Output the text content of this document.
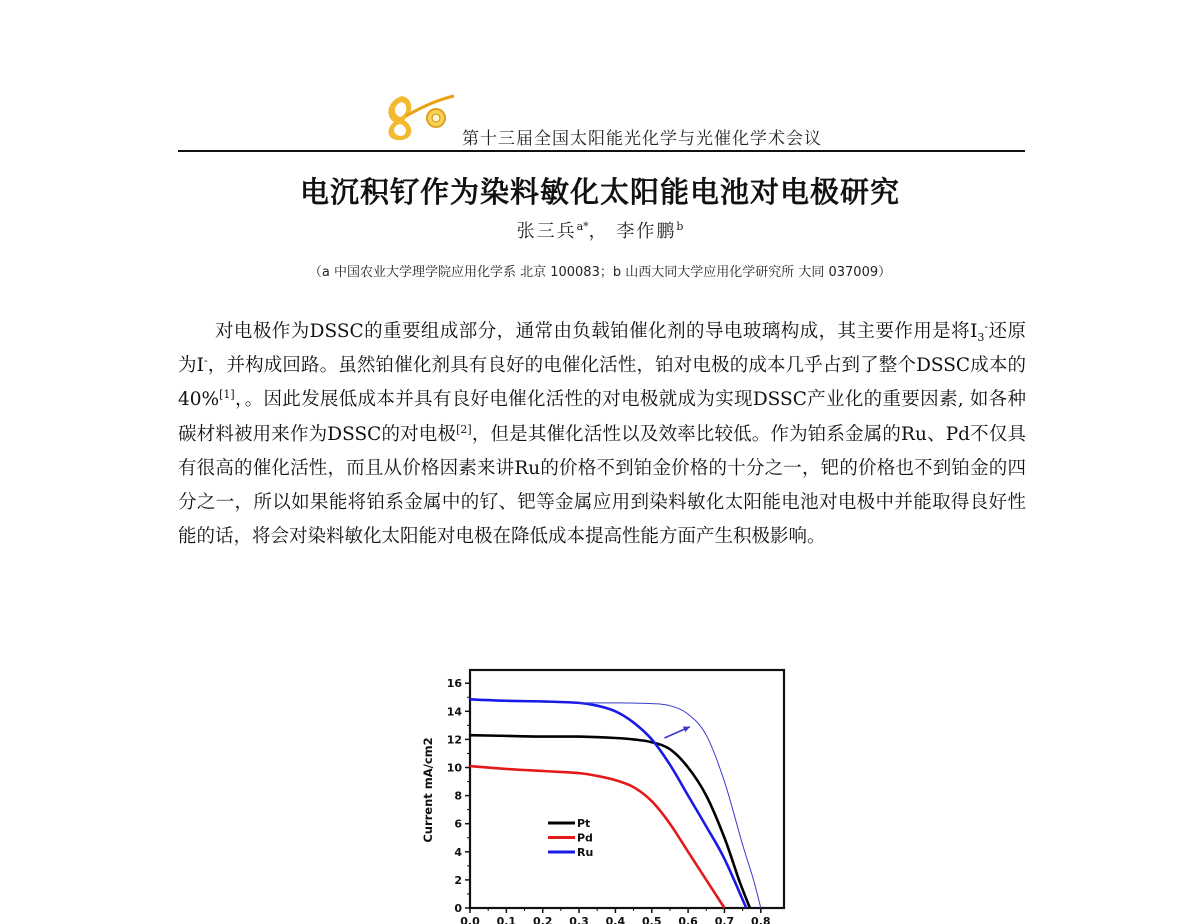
第十三届全国太阳能光化学与光催化学术会议
电沉积钌作为染料敏化太阳能电池对电极研究
张三兵$^{a*}$， 李作鹏$^b$
（a 中国农业大学理学院应用化学系 北京 100083；b 山西大同大学应用化学研究所 大同 037009）

对电极作为DSSC的重要组成部分，通常由负载铂催化剂的导电玻璃构成，其主要作用是将$I_3^-$还原为I-，并构成回路。虽然铂催化剂具有良好的电催化活性，铂对电极的成本几乎占到了整个DSSC成本的40%[1]，。因此发展低成本并具有良好电催化活性的对电极就成为实现DSSC产业化的重要因素, 如各种碳材料被用来作为DSSC的对电极[2]，但是其催化活性以及效率比较低。作为铂系金属的Ru、Pd不仅具有很高的催化活性，而且从价格因素来讲Ru的价格不到铂金价格的十分之一，钯的价格也不到铂金的四分之一，所以如果能将铂系金属中的钌、钯等金属应用到染料敏化太阳能电池对电极中并能取得良好性能的话，将会对染料敏化太阳能对电极在降低成本提高性能方面产生积极影响。

Current mA/cm2
0
2
4
6
8
10
12
14
16
0.0 0.1 0.2 0.3 0.4 0.5 0.6 0.7 0.8
Pt
Pd
Ru
